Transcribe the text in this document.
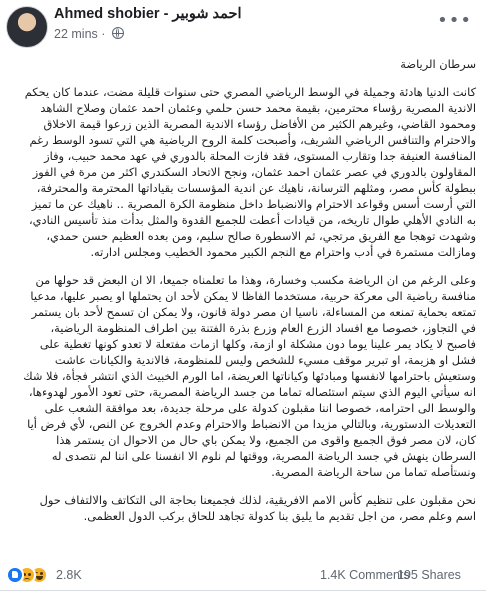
Ahmed shobier - احمد شوبير
22 mins ·
•••

سرطان الرياضة

كانت الدنيا هادئة وجميلة في الوسط الرياضي المصري حتى سنوات قليلة مضت، عندما كان يحكم الاندية المصرية رؤساء محترمين، بقيمة محمد حسن حلمي وعثمان احمد عثمان وصلاح الشاهد ومحمود القاضي، وغيرهم الكثير من الأفاضل رؤساء الاندية المصرية الذين زرعوا قيمة الاخلاق والاحترام والتنافس الرياضي الشريف، وأصبحت كلمة الروح الرياضية هي التي تسود الوسط رغم المنافسة العنيفة جدا وتقارب المستوى، فقد فازت المحلة بالدوري في عهد محمد حبيب، وفاز المقاولون بالدوري في عصر عثمان احمد عثمان، ونجح الاتحاد السكندري اكثر من مرة في الفوز ببطولة كأس مصر، ومثلهم الترسانة، ناهيك عن اندية المؤسسات بقياداتها المحترمة والمحترفة، التي أرست أسس وقواعد الاحترام والانضباط داخل منظومة الكرة المصرية .. ناهيك عن ما تميز به النادي الأهلي طوال تاريخه، من قيادات أعطت للجميع القدوة والمثل بدأت منذ تأسيس النادي، وشهدت توهجا مع الفريق مرتجي، ثم الاسطورة صالح سليم، ومن بعده العظيم حسن حمدي، ومازالت مستمرة في أدب واحترام مع النجم الكبير محمود الخطيب ومجلس ادارته.

وعلى الرغم من ان الرياضة مكسب وخسارة، وهذا ما تعلمناه جميعا، الا ان البعض قد حولها من منافسة رياضية الى معركة حربية، مستخدما الفاظا لا يمكن لأحد ان يحتملها او يصبر عليها، مدعيا تمتعه بحماية تمنعه من المساءلة، ناسيا ان مصر دولة قانون، ولا يمكن ان تسمح لأحد بان يستمر في التجاوز، خصوصا مع افساد الزرع العام وزرع بذرة الفتنة بين اطراف المنظومة الرياضية، فاصبح لا يكاد يمر علينا يوما دون مشكلة او ازمة، وكلها ازمات مفتعلة لا تعدو كونها تغطية على فشل او هزيمة، او تبرير موقف مسيء للشخص وليس للمنظومة، فالاندية والكيانات عاشت وستعيش باحترامها لانفسها ومبادئها وكياناتها العريضة، اما الورم الخبيث الذي انتشر فجأة، فلا شك انه سيأتي اليوم الذي سيتم استئصاله تماما من جسد الرياضة المصرية، حتى تعود الأمور لهدوءها، والوسط الى احترامه، خصوصا اننا مقبلون كدولة على مرحلة جديدة، بعد موافقة الشعب على التعديلات الدستورية، وبالتالي مزيدا من الانضباط والاحترام وعدم الخروج عن النص، لأي فرض أيا كان، لان مصر فوق الجميع واقوى من الجميع، ولا يمكن باي حال من الاحوال ان يستمر هذا السرطان ينهش في جسد الرياضة المصرية، ووقتها لم نلوم الا انفسنا على اننا لم نتصدى له ونستأصله تماما من ساحة الرياضة المصرية.

نحن مقبلون على تنظيم كأس الامم الافريقية، لذلك فجميعنا بحاجة الى التكاتف والالتفاف حول اسم وعلم مصر، من اجل تقديم ما يليق بنا كدولة تجاهد للحاق بركب الدول العظمى.

2.8K	1.4K Comments
195 Shares
